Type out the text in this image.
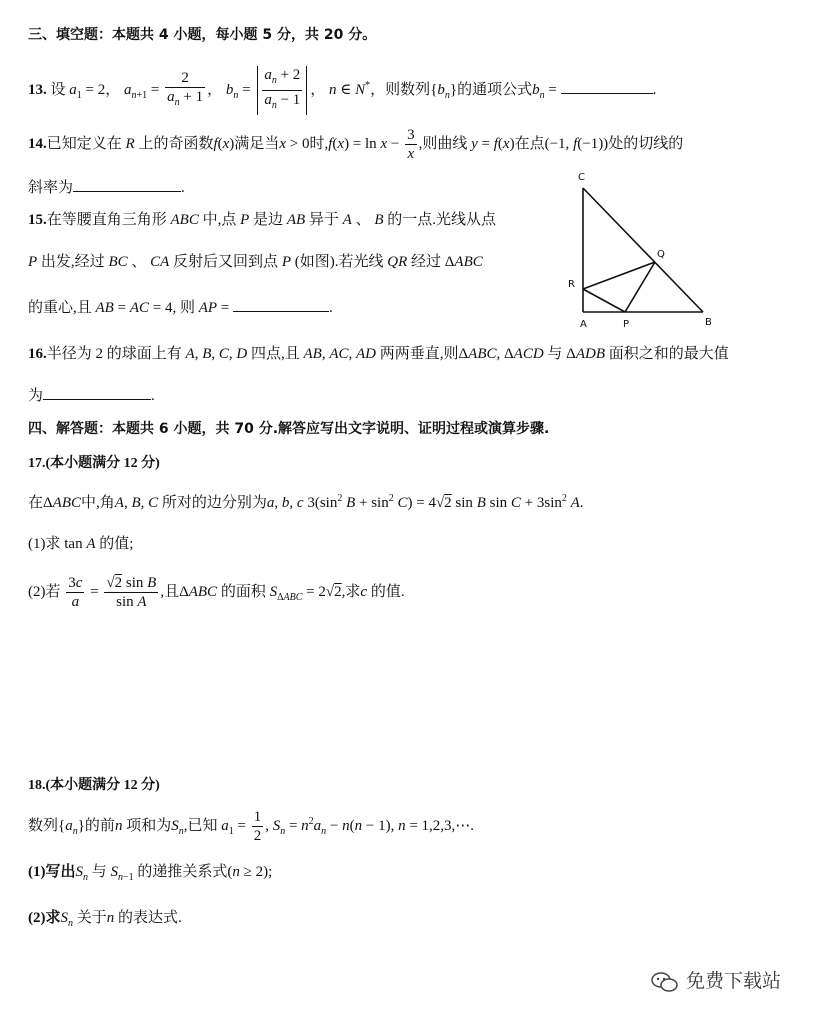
三、填空题：本题共 4 小题，每小题 5 分，共 20 分。
13. 设 $a_1 = 2$， $a_{n+1} = \frac{2}{a_n + 1}$ ， $b_n = \frac{a_n + 2}{a_n - 1}$ ， n ∈ N*，则数列$\{b_n\}$的通项公式$b_n$ =	.
14.已知定义在 R 上的奇函数f(x)满足当x > 0时$,f(x) = \ln x - \frac{3}{x}$ ,则曲线 y = f(x)在点(−1, f(−1))处的切线的
斜率为	.
15.在等腰直角三角形 ABC 中,点 P 是边 AB 异于 A 、 B 的一点.光线从点
P 出发,经过 BC 、 CA 反射后又回到点 P (如图).若光线 QR 经过 ΔABC
的重心,且 AB = AC = 4, 则 AP =	.
C
Q
R
A	P	B
16.半径为 2 的球面上有 A, B, C, D 四点,且 AB, AC, AD 两两垂直,则ΔABC, ΔACD 与 ΔADB 面积之和的最大值
为	.
四、解答题：本题共 6 小题，共 70 分.解答应写出文字说明、证明过程或演算步骤.
17.(本小题满分 12 分)
在ΔABC中,角A, B, C 所对的边分别为a, b, c $3(\sin^2$ $B + \sin^2 C) = 4√2$ sin B $\sin C + 3\sin^2$ A.
(1)求 tan A 的值;
(2)若 $\frac{3c}{a} = \frac{\text{√2 sin B}}{\text{sin A}}$ ,且ΔABC 的面积 $S_{\Delta ABC} = 2√2$,求c 的值.
18.(本小题满分 12 分)
数列$\{a_n\}$的前n 项和为$S_n$,已知 $a_1 = \frac{1}{2}$ , $S_n = n^2a_n - n(n - 1)$, n = 1,2,3,⋯.
(1)写出$S_n$ 与 $S_{n-1}$ 的递推关系式(n ≥ 2);
(2)求$S_n$ 关于n 的表达式.
免费下载站
